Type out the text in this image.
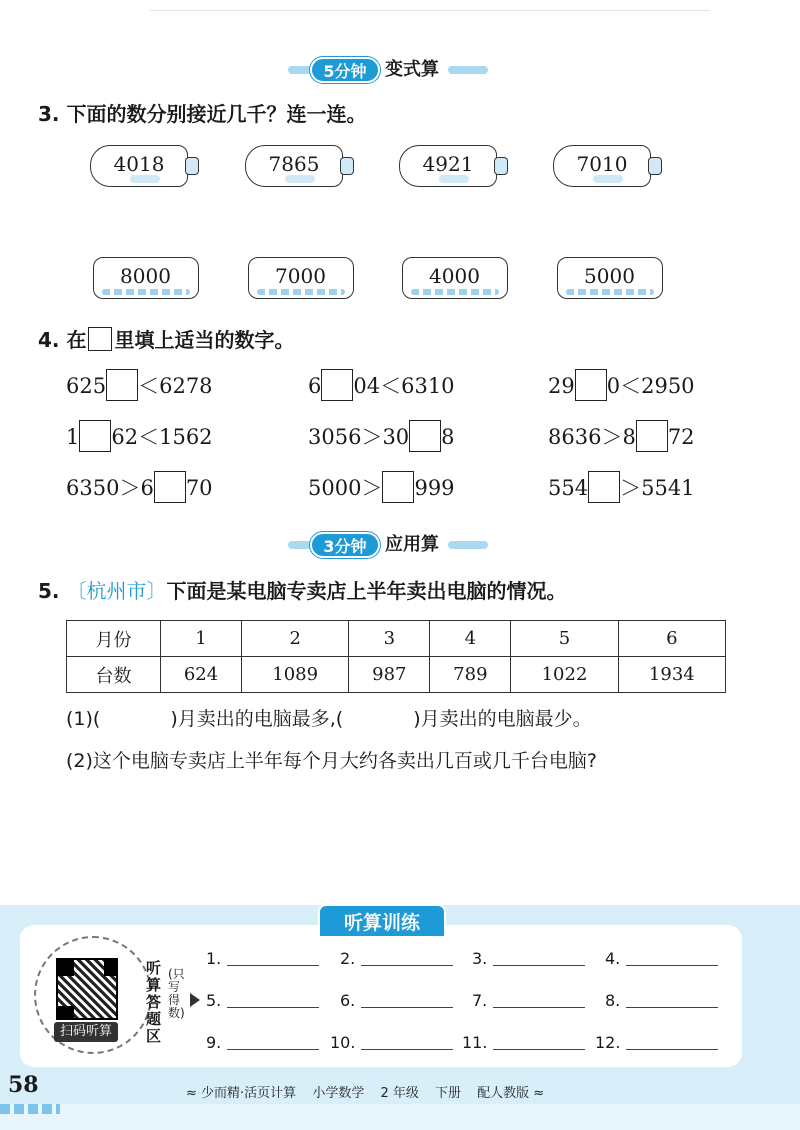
5分钟	变式算
3. 下面的数分别接近几千？连一连。
4018	7865	4921	7010
8000	7000	4000	5000
4. 在 里填上适当的数字。
625 ＜6278	6 04＜6310	29 0＜2950
1 62＜1562	3056＞30 8	8636＞8 72
6350＞6 70	5000＞ 999	554 ＞5541
3分钟	应用算
5. 〔杭州市〕下面是某电脑专卖店上半年卖出电脑的情况。
月份	1	2	3	4	5	6
台数	624	1089	987	789	1022	1934
(1)(	)月卖出的电脑最多,(	)月卖出的电脑最少。
(2)这个电脑专卖店上半年每个月大约各卖出几百或几千台电脑?
听算训练
扫码听算
听算答题区
(只写得数)
1.	2.	3.	4.
5.	6.	7.	8.
9.	10.	11.	12.
58	≈ 少而精·活页计算 小学数学 2 年级 下册 配人教版 ≈
